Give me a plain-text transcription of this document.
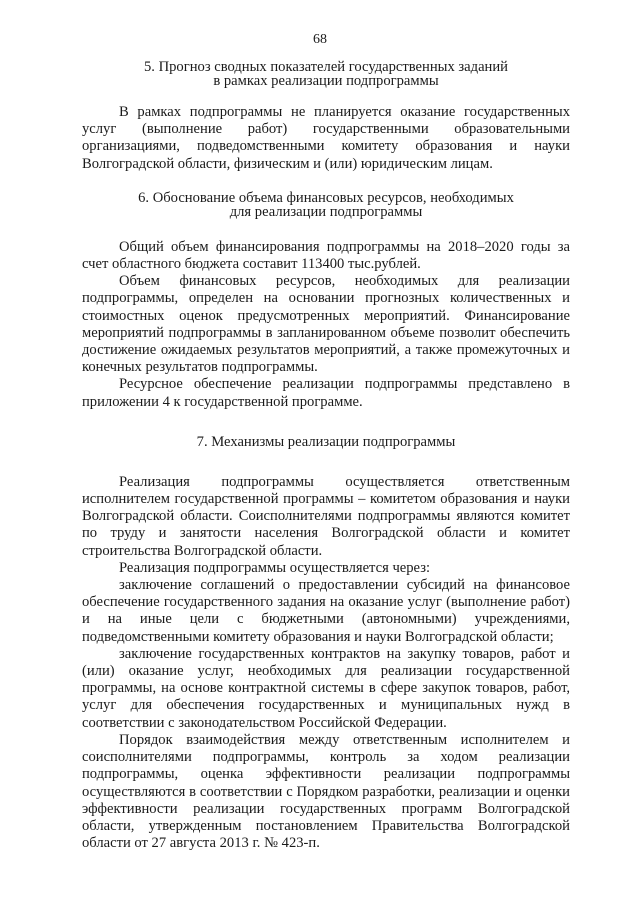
68
5. Прогноз сводных показателей государственных заданий
в рамках реализации подпрограммы

В рамках подпрограммы не планируется оказание государственных услуг (выполнение работ) государственными образовательными организациями, подведомственными комитету образования и науки Волгоградской области, физическим и (или) юридическим лицам.

6. Обоснование объема финансовых ресурсов, необходимых
для реализации подпрограммы

Общий объем финансирования подпрограммы на 2018–2020 годы за счет областного бюджета составит 113400 тыс.рублей.

Объем финансовых ресурсов, необходимых для реализации подпрограммы, определен на основании прогнозных количественных и стоимостных оценок предусмотренных мероприятий. Финансирование мероприятий подпрограммы в запланированном объеме позволит обеспечить достижение ожидаемых результатов мероприятий, а также промежуточных и конечных результатов подпрограммы.

Ресурсное обеспечение реализации подпрограммы представлено в приложении 4 к государственной программе.

7. Механизмы реализации подпрограммы

Реализация подпрограммы осуществляется ответственным исполнителем государственной программы – комитетом образования и науки Волгоградской области. Соисполнителями подпрограммы являются комитет по труду и занятости населения Волгоградской области и комитет строительства Волгоградской области.

Реализация подпрограммы осуществляется через:

заключение соглашений о предоставлении субсидий на финансовое обеспечение государственного задания на оказание услуг (выполнение работ) и на иные цели с бюджетными (автономными) учреждениями, подведомственными комитету образования и науки Волгоградской области;

заключение государственных контрактов на закупку товаров, работ и (или) оказание услуг, необходимых для реализации государственной программы, на основе контрактной системы в сфере закупок товаров, работ, услуг для обеспечения государственных и муниципальных нужд в соответствии с законодательством Российской Федерации.

Порядок взаимодействия между ответственным исполнителем и соисполнителями подпрограммы, контроль за ходом реализации подпрограммы, оценка эффективности реализации подпрограммы осуществляются в соответствии с Порядком разработки, реализации и оценки эффективности реализации государственных программ Волгоградской области, утвержденным постановлением Правительства Волгоградской области от 27 августа 2013 г. № 423-п.
